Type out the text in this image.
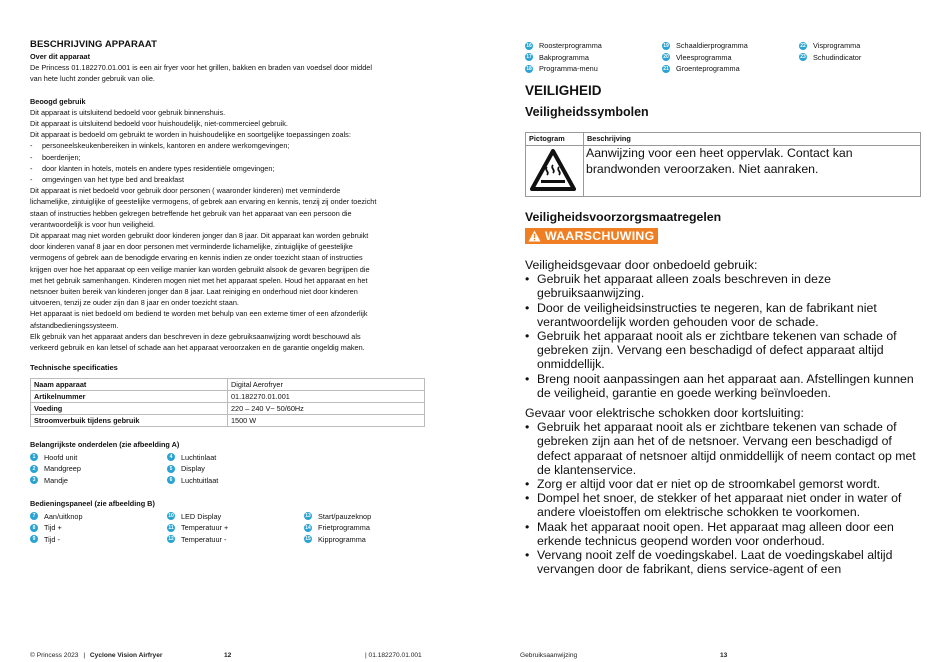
BESCHRIJVING APPARAAT
Over dit apparaat
De Princess 01.182270.01.001 is een air fryer voor het grillen, bakken en braden van voedsel door middel
van hete lucht zonder gebruik van olie.
Beoogd gebruik
Dit apparaat is uitsluitend bedoeld voor gebruik binnenshuis.
Dit apparaat is uitsluitend bedoeld voor huishoudelijk, niet-commercieel gebruik.
Dit apparaat is bedoeld om gebruikt te worden in huishoudelijke en soortgelijke toepassingen zoals:
-	personeelskeukenbereiken in winkels, kantoren en andere werkomgevingen;
-	boerderijen;
-	door klanten in hotels, motels en andere types residentiële omgevingen;
-	omgevingen van het type bed and breakfast
Dit apparaat is niet bedoeld voor gebruik door personen ( waaronder kinderen) met verminderde
lichamelijke, zintuiglijke of geestelijke vermogens, of gebrek aan ervaring en kennis, tenzij zij onder toezicht
staan of instructies hebben gekregen betreffende het gebruik van het apparaat van een persoon die
verantwoordelijk is voor hun veiligheid.
Dit apparaat mag niet worden gebruikt door kinderen jonger dan 8 jaar. Dit apparaat kan worden gebruikt
door kinderen vanaf 8 jaar en door personen met verminderde lichamelijke, zintuiglijke of geestelijke
vermogens of gebrek aan de benodigde ervaring en kennis indien ze onder toezicht staan of instructies
krijgen over hoe het apparaat op een veilige manier kan worden gebruikt alsook de gevaren begrijpen die
met het gebruik samenhangen. Kinderen mogen niet met het apparaat spelen. Houd het apparaat en het
netsnoer buiten bereik van kinderen jonger dan 8 jaar. Laat reiniging en onderhoud niet door kinderen
uitvoeren, tenzij ze ouder zijn dan 8 jaar en onder toezicht staan.
Het apparaat is niet bedoeld om bediend te worden met behulp van een externe timer of een afzonderlijk
afstandbedieningssysteem.
Elk gebruik van het apparaat anders dan beschreven in deze gebruiksaanwijzing wordt beschouwd als
verkeerd gebruik en kan letsel of schade aan het apparaat veroorzaken en de garantie ongeldig maken.
Technische specificaties
Naam apparaat	Digital Aerofryer
Artikelnummer	01.182270.01.001
Voeding	220 – 240 V~ 50/60Hz
Stroomverbuik tijdens gebruik	1500 W
Belangrijkste onderdelen (zie afbeelding A)
1	Hoofd unit	4	Luchtinlaat
2	Mandgreep	5	Display
3	Mandje	6	Luchtuitlaat
Bedieningspaneel (zie afbeelding B)
7	Aan/uitknop	10 LED Display	13 Start/pauzeknop
8	Tijd +	11 Temperatuur +	14 Frietprogramma
9	Tijd -	12 Temperatuur -	15 Kipprogramma
© Princess 2023 | Cyclone Vision Airfryer	12	| 01.182270.01.001
16 Roosterprogramma	19 Schaaldierprogramma	22 Visprogramma
17 Bakprogramma	20 Vleesprogramma	23 Schudindicator
18 Programma-menu	21 Groenteprogramma
VEILIGHEID
Veiligheidssymbolen
Pictogram	Beschrijving
	Aanwijzing voor een heet oppervlak. Contact kan brandwonden veroorzaken. Niet aanraken.
Veiligheidsvoorzorgsmaatregelen
WAARSCHUWING
Veiligheidsgevaar door onbedoeld gebruik:
• Gebruik het apparaat alleen zoals beschreven in deze gebruiksaanwijzing.
• Door de veiligheidsinstructies te negeren, kan de fabrikant niet verantwoordelijk worden gehouden voor de schade.
• Gebruik het apparaat nooit als er zichtbare tekenen van schade of gebreken zijn. Vervang een beschadigd of defect apparaat altijd onmiddellijk.
• Breng nooit aanpassingen aan het apparaat aan. Afstellingen kunnen de veiligheid, garantie en goede werking beïnvloeden.
Gevaar voor elektrische schokken door kortsluiting:
• Gebruik het apparaat nooit als er zichtbare tekenen van schade of gebreken zijn aan het of de netsnoer. Vervang een beschadigd of defect apparaat of netsnoer altijd onmiddellijk of neem contact op met de klantenservice.
• Zorg er altijd voor dat er niet op de stroomkabel gemorst wordt.
• Dompel het snoer, de stekker of het apparaat niet onder in water of andere vloeistoffen om elektrische schokken te voorkomen.
• Maak het apparaat nooit open. Het apparaat mag alleen door een erkende technicus geopend worden voor onderhoud.
• Vervang nooit zelf de voedingskabel. Laat de voedingskabel altijd vervangen door de fabrikant, diens service-agent of een
Gebruiksaanwijzing	13
